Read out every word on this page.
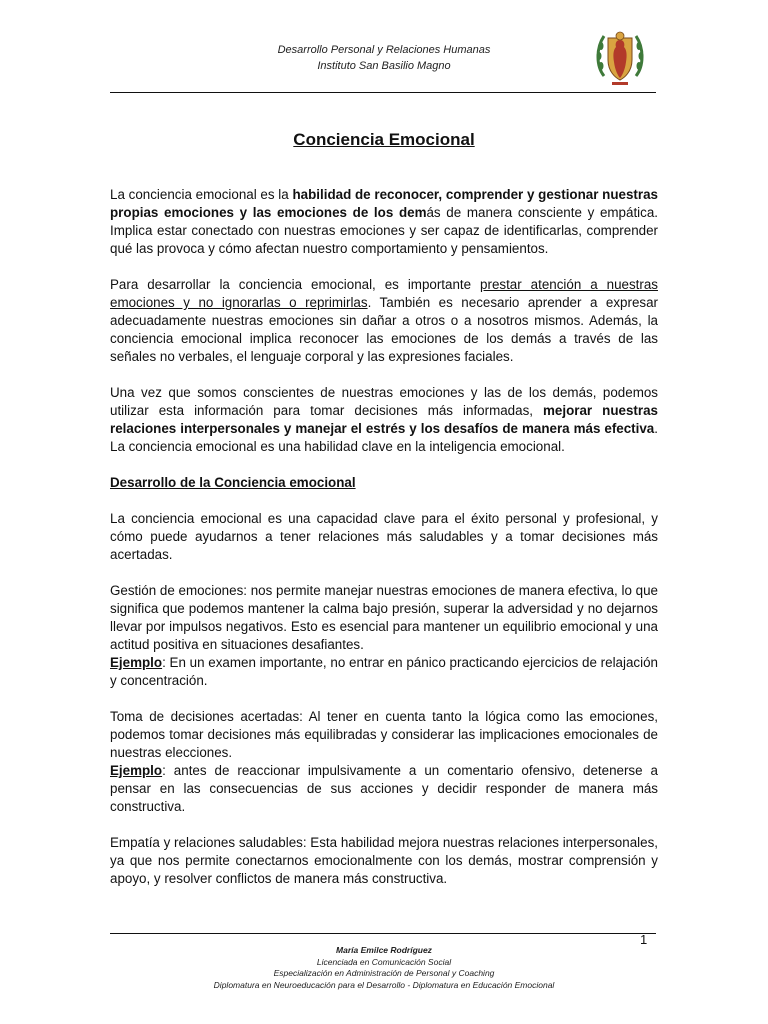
Desarrollo Personal y Relaciones Humanas
Instituto San Basilio Magno
Conciencia Emocional

La conciencia emocional es la habilidad de reconocer, comprender y gestionar nuestras propias emociones y las emociones de los demás de manera consciente y empática. Implica estar conectado con nuestras emociones y ser capaz de identificarlas, comprender qué las provoca y cómo afectan nuestro comportamiento y pensamientos.

Para desarrollar la conciencia emocional, es importante prestar atención a nuestras emociones y no ignorarlas o reprimirlas. También es necesario aprender a expresar adecuadamente nuestras emociones sin dañar a otros o a nosotros mismos. Además, la conciencia emocional implica reconocer las emociones de los demás a través de las señales no verbales, el lenguaje corporal y las expresiones faciales.

Una vez que somos conscientes de nuestras emociones y las de los demás, podemos utilizar esta información para tomar decisiones más informadas, mejorar nuestras relaciones interpersonales y manejar el estrés y los desafíos de manera más efectiva. La conciencia emocional es una habilidad clave en la inteligencia emocional.

Desarrollo de la Conciencia emocional

La conciencia emocional es una capacidad clave para el éxito personal y profesional, y cómo puede ayudarnos a tener relaciones más saludables y a tomar decisiones más acertadas.

Gestión de emociones: nos permite manejar nuestras emociones de manera efectiva, lo que significa que podemos mantener la calma bajo presión, superar la adversidad y no dejarnos llevar por impulsos negativos. Esto es esencial para mantener un equilibrio emocional y una actitud positiva en situaciones desafiantes.

Ejemplo: En un examen importante, no entrar en pánico practicando ejercicios de relajación y concentración.

Toma de decisiones acertadas: Al tener en cuenta tanto la lógica como las emociones, podemos tomar decisiones más equilibradas y considerar las implicaciones emocionales de nuestras elecciones.

Ejemplo: antes de reaccionar impulsivamente a un comentario ofensivo, detenerse a pensar en las consecuencias de sus acciones y decidir responder de manera más constructiva.

Empatía y relaciones saludables: Esta habilidad mejora nuestras relaciones interpersonales, ya que nos permite conectarnos emocionalmente con los demás, mostrar comprensión y apoyo, y resolver conflictos de manera más constructiva.

1
María Emilce Rodríguez
Licenciada en Comunicación Social
Especialización en Administración de Personal y Coaching
Diplomatura en Neuroeducación para el Desarrollo - Diplomatura en Educación Emocional
